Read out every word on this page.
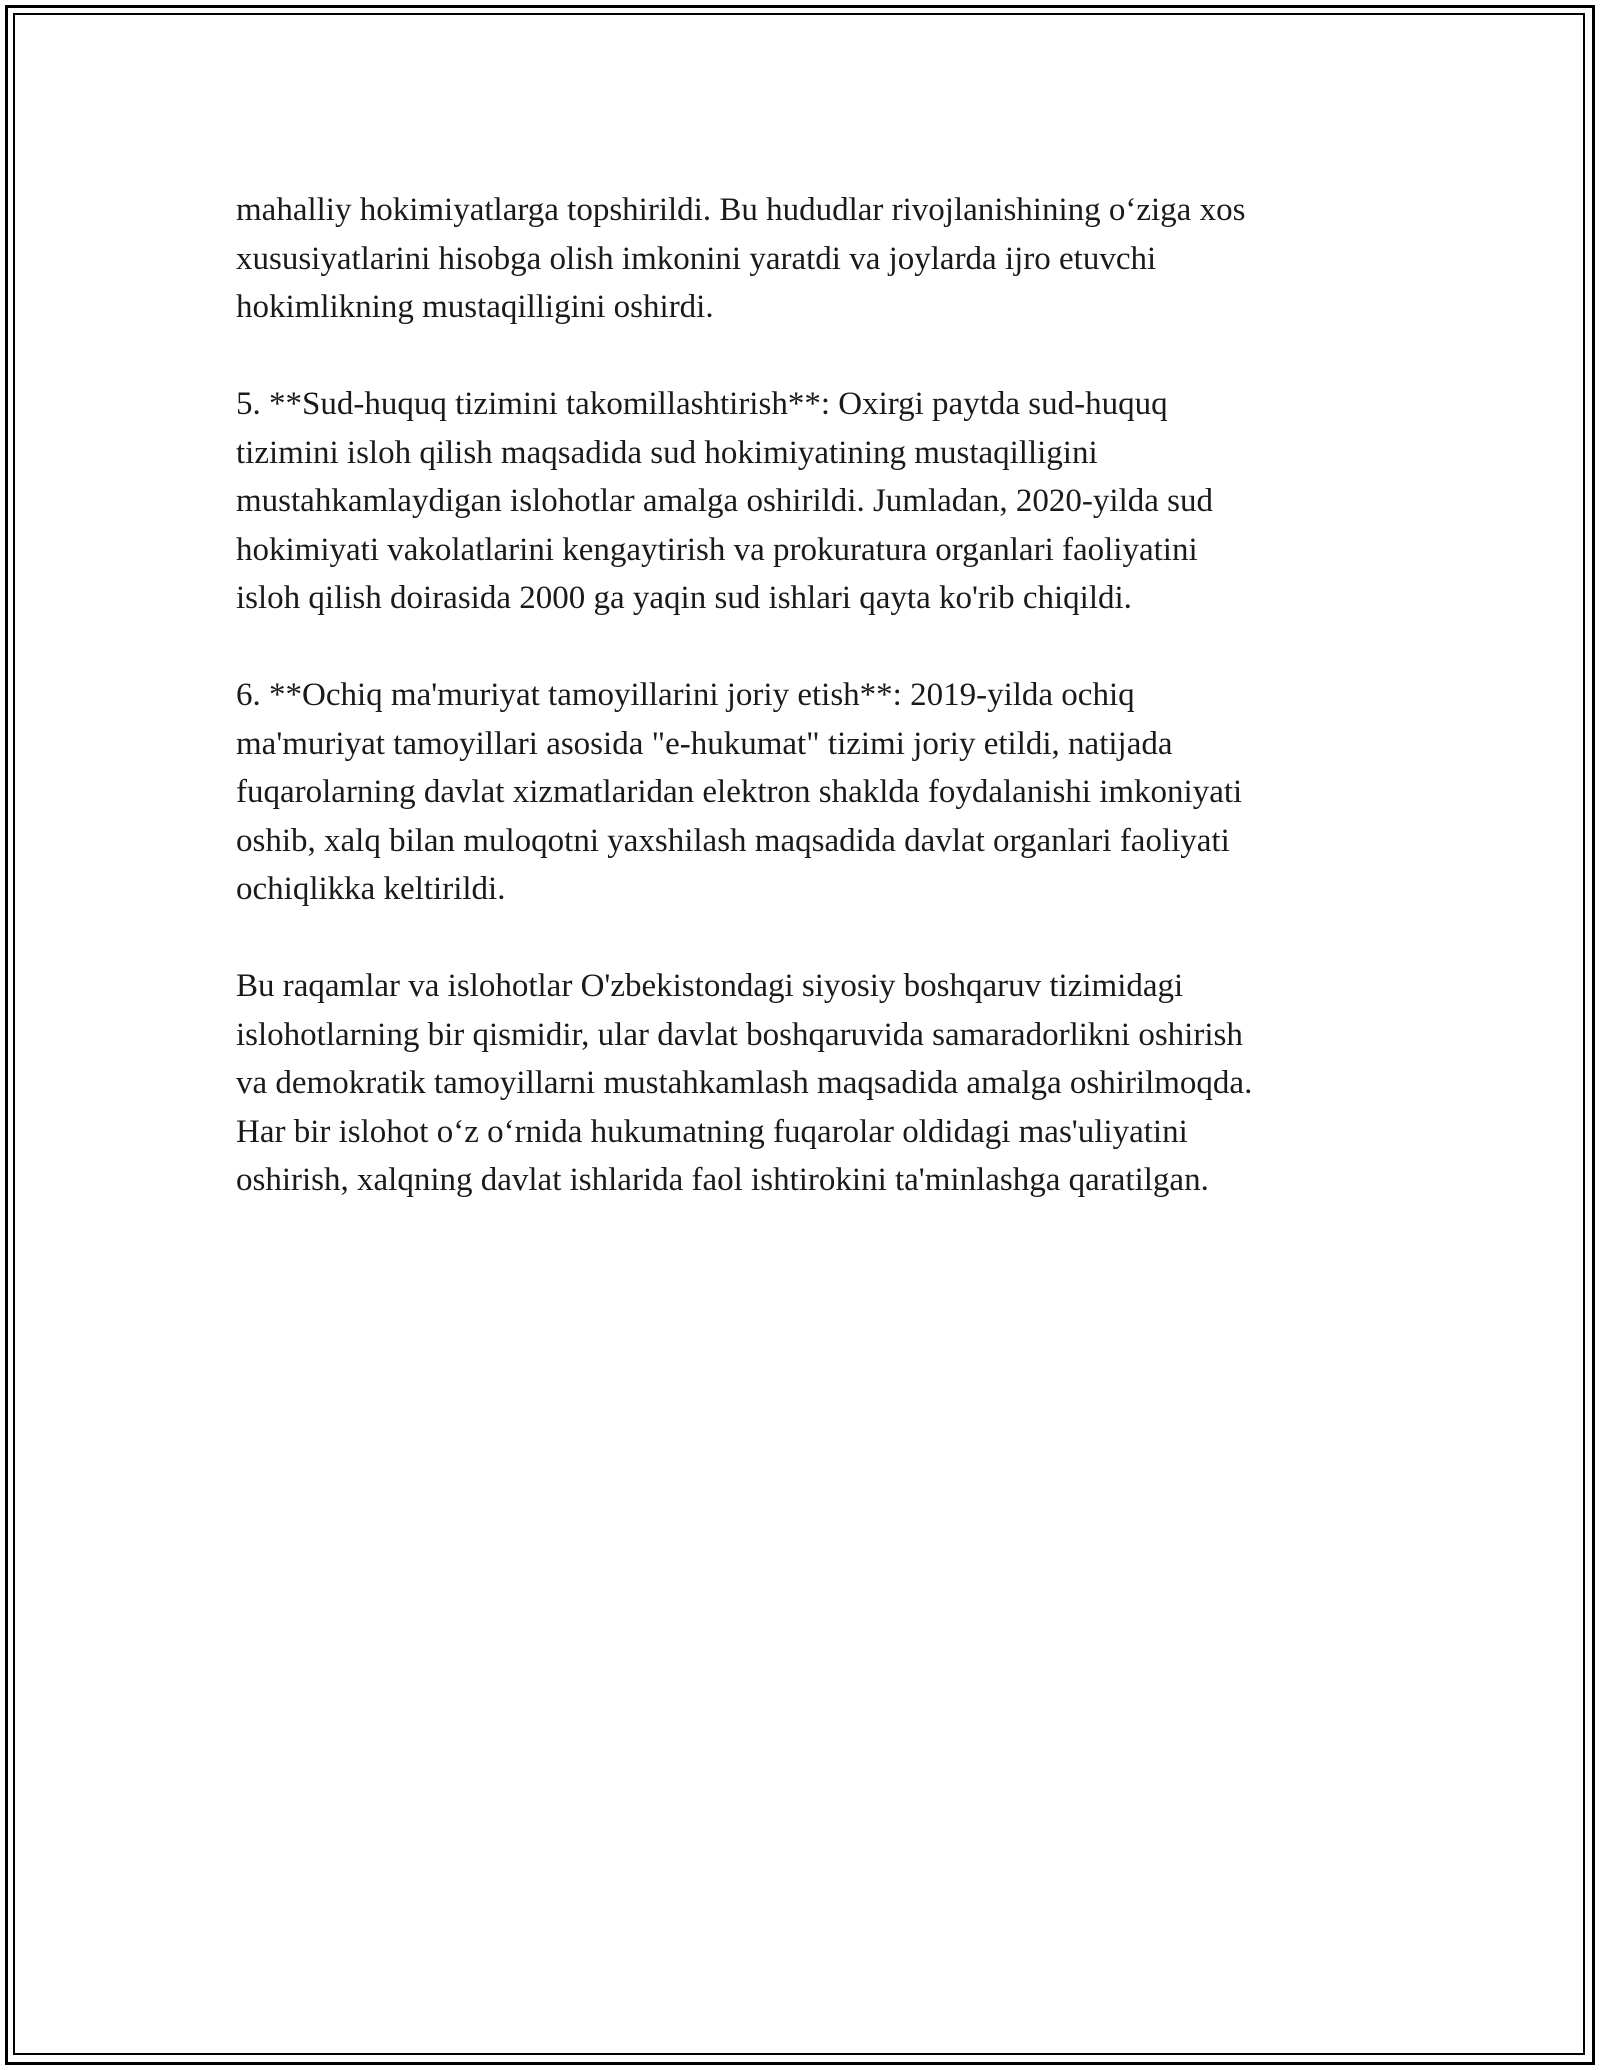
mahalliy hokimiyatlarga topshirildi. Bu hududlar rivojlanishining o‘ziga xos
xususiyatlarini hisobga olish imkonini yaratdi va joylarda ijro etuvchi
hokimlikning mustaqilligini oshirdi.

5. **Sud-huquq tizimini takomillashtirish**: Oxirgi paytda sud-huquq
tizimini isloh qilish maqsadida sud hokimiyatining mustaqilligini
mustahkamlaydigan islohotlar amalga oshirildi. Jumladan, 2020-yilda sud
hokimiyati vakolatlarini kengaytirish va prokuratura organlari faoliyatini
isloh qilish doirasida 2000 ga yaqin sud ishlari qayta ko'rib chiqildi.

6. **Ochiq ma'muriyat tamoyillarini joriy etish**: 2019-yilda ochiq
ma'muriyat tamoyillari asosida "e-hukumat" tizimi joriy etildi, natijada
fuqarolarning davlat xizmatlaridan elektron shaklda foydalanishi imkoniyati
oshib, xalq bilan muloqotni yaxshilash maqsadida davlat organlari faoliyati
ochiqlikka keltirildi.

Bu raqamlar va islohotlar O'zbekistondagi siyosiy boshqaruv tizimidagi
islohotlarning bir qismidir, ular davlat boshqaruvida samaradorlikni oshirish
va demokratik tamoyillarni mustahkamlash maqsadida amalga oshirilmoqda.
Har bir islohot o‘z o‘rnida hukumatning fuqarolar oldidagi mas'uliyatini
oshirish, xalqning davlat ishlarida faol ishtirokini ta'minlashga qaratilgan.
